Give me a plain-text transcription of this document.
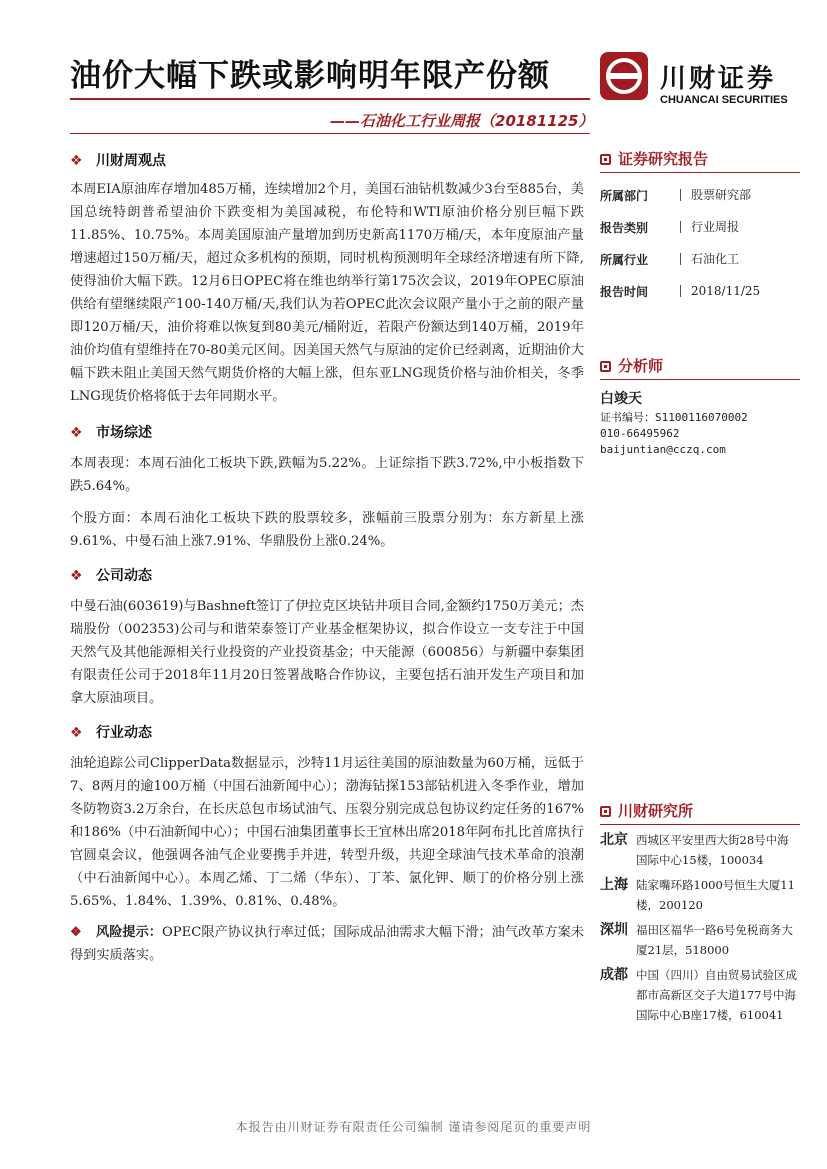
油价大幅下跌或影响明年限产份额
——石油化工行业周报（20181125）
川财证券
CHUANCAI SECURITIES
❖ 川财周观点

本周EIA原油库存增加485万桶，连续增加2个月，美国石油钻机数减少3台至885台，美国总统特朗普希望油价下跌变相为美国减税，布伦特和WTI原油价格分别巨幅下跌11.85%、10.75%。本周美国原油产量增加到历史新高1170万桶/天，本年度原油产量增速超过150万桶/天，超过众多机构的预期，同时机构预测明年全球经济增速有所下降,使得油价大幅下跌。12月6日OPEC将在维也纳举行第175次会议，2019年OPEC原油供给有望继续限产100-140万桶/天,我们认为若OPEC此次会议限产量小于之前的限产量即120万桶/天，油价将难以恢复到80美元/桶附近，若限产份额达到140万桶，2019年油价均值有望维持在70-80美元区间。因美国天然气与原油的定价已经剥离，近期油价大幅下跌未阻止美国天然气期货价格的大幅上涨，但东亚LNG现货价格与油价相关，冬季LNG现货价格将低于去年同期水平。

❖ 市场综述

本周表现：本周石油化工板块下跌,跌幅为5.22%。上证综指下跌3.72%,中小板指数下跌5.64%。

个股方面：本周石油化工板块下跌的股票较多，涨幅前三股票分别为：东方新星上涨9.61%、中曼石油上涨7.91%、华鼎股份上涨0.24%。

❖ 公司动态

中曼石油(603619)与Bashneft签订了伊拉克区块钻井项目合同,金额约1750万美元；杰瑞股份（002353)公司与和谐荣泰签订产业基金框架协议，拟合作设立一支专注于中国天然气及其他能源相关行业投资的产业投资基金；中天能源（600856）与新疆中泰集团有限责任公司于2018年11月20日签署战略合作协议，主要包括石油开发生产项目和加拿大原油项目。

❖ 行业动态

油轮追踪公司ClipperData数据显示，沙特11月运往美国的原油数量为60万桶，远低于7、8两月的逾100万桶（中国石油新闻中心）；渤海钻探153部钻机进入冬季作业，增加冬防物资3.2万余台，在长庆总包市场试油气、压裂分别完成总包协议约定任务的167%和186%（中石油新闻中心）；中国石油集团董事长王宜林出席2018年阿布扎比首席执行官圆桌会议，他强调各油气企业要携手并进，转型升级，共迎全球油气技术革命的浪潮（中石油新闻中心）。本周乙烯、丁二烯（华东）、丁苯、氯化钾、顺丁的价格分别上涨5.65%、1.84%、1.39%、0.81%、0.48%。

❖ 风险提示：OPEC限产协议执行率过低；国际成品油需求大幅下滑；油气改革方案未得到实质落实。

证券研究报告
所属部门	股票研究部
报告类别	行业周报
所属行业	石油化工
报告时间	2018/11/25
分析师
白竣天
证书编号：S1100116070002
010-66495962
baijuntian@cczq.com
川财研究所
北京 西城区平安里西大街28号中海国际中心15楼，100034
上海 陆家嘴环路1000号恒生大厦11楼，200120
深圳 福田区福华一路6号免税商务大厦21层，518000
成都 中国（四川）自由贸易试验区成都市高新区交子大道177号中海国际中心B座17楼，610041
本报告由川财证券有限责任公司编制 谨请参阅尾页的重要声明
